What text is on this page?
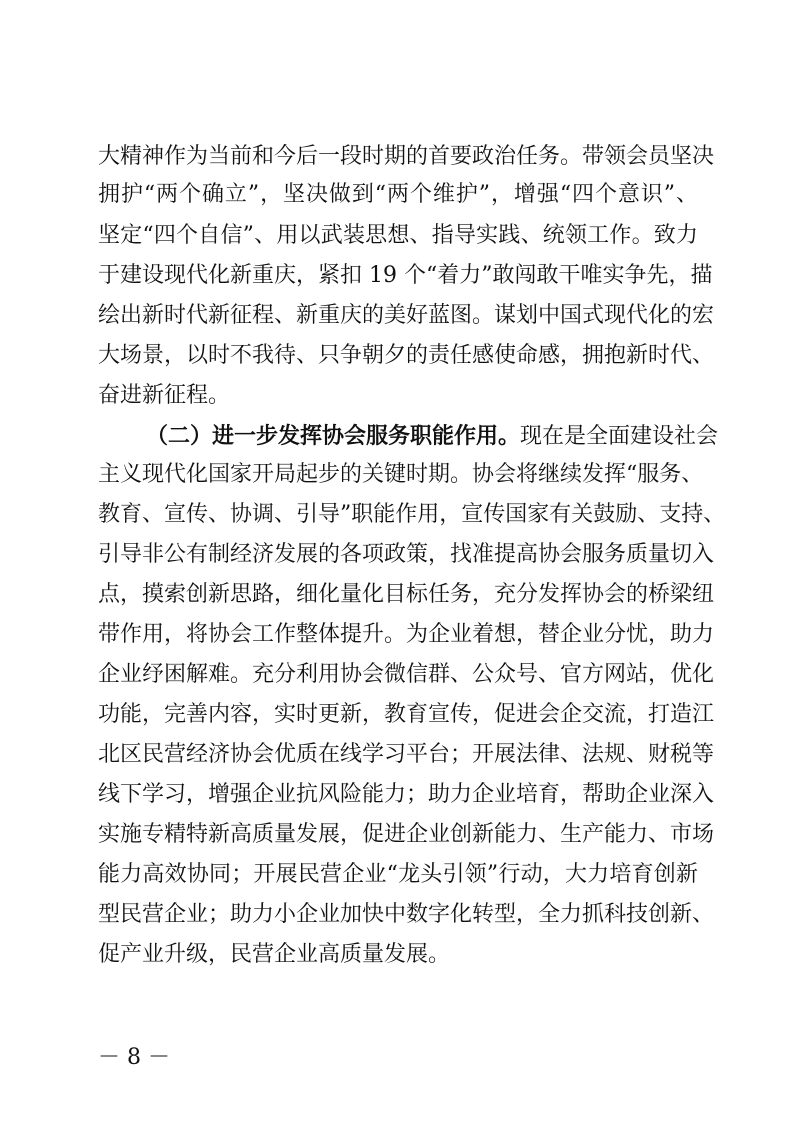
大精神作为当前和今后一段时期的首要政治任务。带领会员坚决
拥护“两个确立”，坚决做到“两个维护”，增强“四个意识”、
坚定“四个自信”、用以武装思想、指导实践、统领工作。致力
于建设现代化新重庆，紧扣 19 个“着力”敢闯敢干唯实争先，描
绘出新时代新征程、新重庆的美好蓝图。谋划中国式现代化的宏
大场景，以时不我待、只争朝夕的责任感使命感，拥抱新时代、
奋进新征程。
（二）进一步发挥协会服务职能作用。现在是全面建设社会
主义现代化国家开局起步的关键时期。协会将继续发挥“服务、
教育、宣传、协调、引导”职能作用，宣传国家有关鼓励、支持、
引导非公有制经济发展的各项政策，找准提高协会服务质量切入
点，摸索创新思路，细化量化目标任务，充分发挥协会的桥梁纽
带作用，将协会工作整体提升。为企业着想，替企业分忧，助力
企业纾困解难。充分利用协会微信群、公众号、官方网站，优化
功能，完善内容，实时更新，教育宣传，促进会企交流，打造江
北区民营经济协会优质在线学习平台；开展法律、法规、财税等
线下学习，增强企业抗风险能力；助力企业培育，帮助企业深入
实施专精特新高质量发展，促进企业创新能力、生产能力、市场
能力高效协同；开展民营企业“龙头引领”行动，大力培育创新
型民营企业；助力小企业加快中数字化转型，全力抓科技创新、
促产业升级，民营企业高质量发展。
－ 8 －
